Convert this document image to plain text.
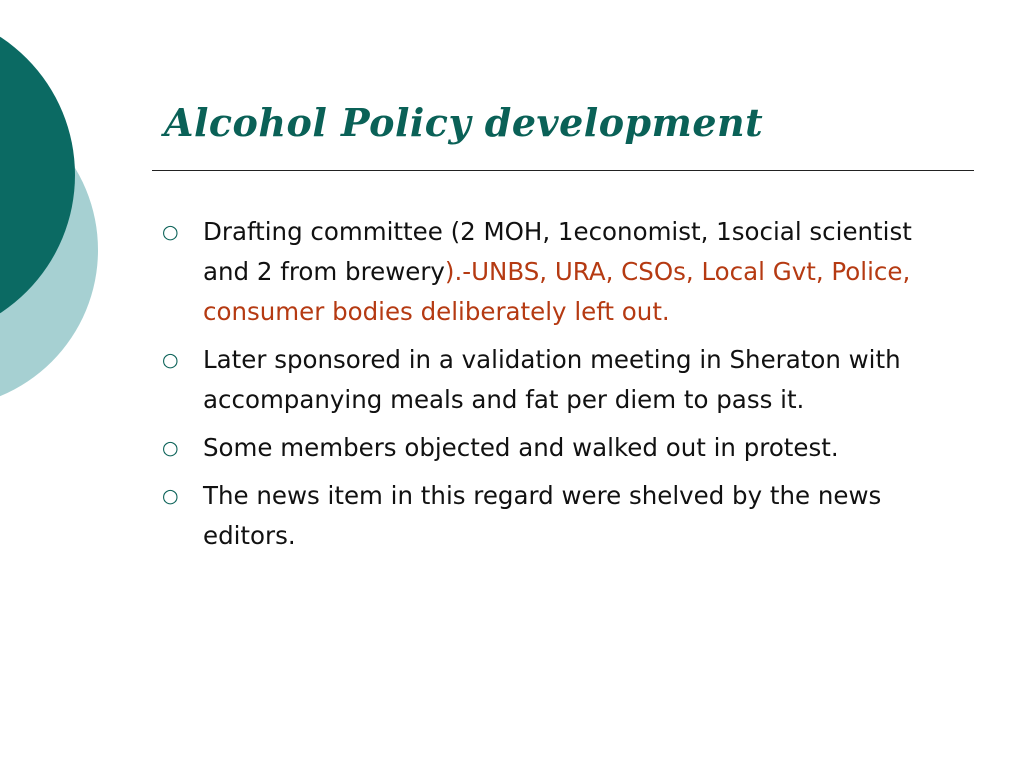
Alcohol Policy development
○ Drafting committee (2 MOH, 1economist, 1social scientist and 2 from brewery).-UNBS, URA, CSOs, Local Gvt, Police, consumer bodies deliberately left out.
○ Later sponsored in a validation meeting in Sheraton with accompanying meals and fat per diem to pass it.
○ Some members objected and walked out in protest.
○ The news item in this regard were shelved by the news editors.
